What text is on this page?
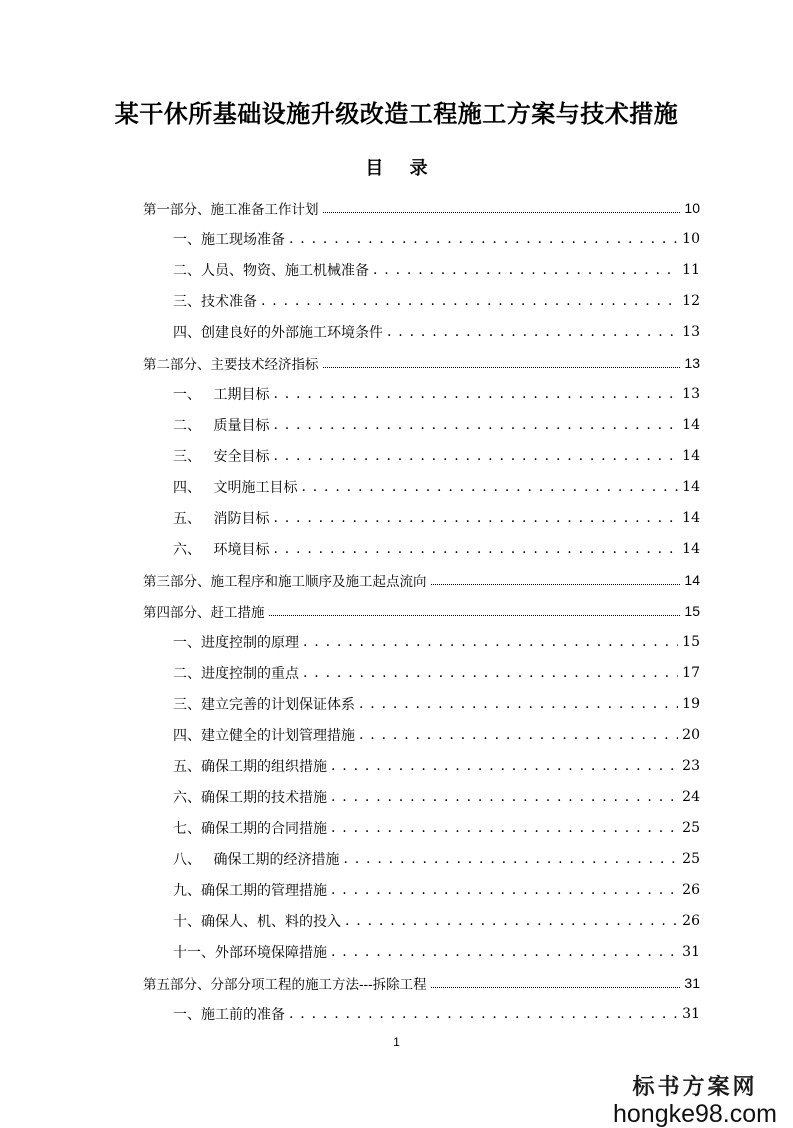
某干休所基础设施升级改造工程施工方案与技术措施
目 录
第一部分、施工准备工作计划	10
一、施工现场准备 . . .	10
二、人员、物资、施工机械准备 . . .	11
三、技术准备 . . .	12
四、创建良好的外部施工环境条件 . . .	13
第二部分、主要技术经济指标	13
一、 工期目标 . . .	13
二、 质量目标 . . .	14
三、 安全目标 . . .	14
四、 文明施工目标 . . .	14
五、 消防目标 . . .	14
六、 环境目标 . . .	14
第三部分、施工程序和施工顺序及施工起点流向	14
第四部分、赶工措施	15
一、进度控制的原理 . . .	15
二、进度控制的重点 . . .	17
三、建立完善的计划保证体系 . . .	19
四、建立健全的计划管理措施 . . .	20
五、确保工期的组织措施 . . .	23
六、确保工期的技术措施 . . .	24
七、确保工期的合同措施 . . .	25
八、 确保工期的经济措施 . . .	25
九、确保工期的管理措施 . . .	26
十、确保人、机、料的投入 . . .	26
十一、外部环境保障措施 . . .	31
第五部分、分部分项工程的施工方法---拆除工程	31
一、施工前的准备 . . .	31
1
标书方案网
hongke98.com
